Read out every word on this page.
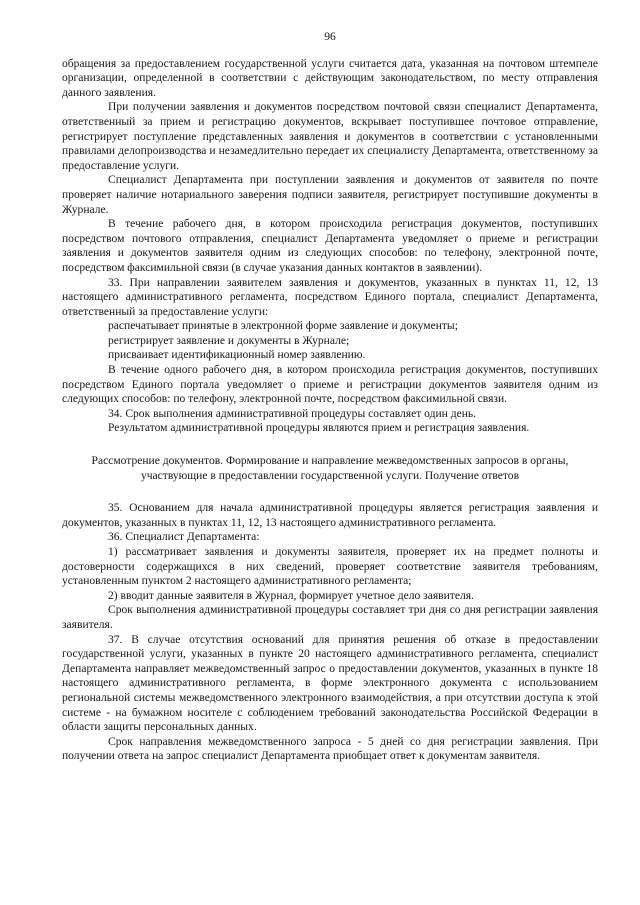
96

обращения за предоставлением государственной услуги считается дата, указанная на почтовом штемпеле организации, определенной в соответствии с действующим законодательством, по месту отправления данного заявления.

При получении заявления и документов посредством почтовой связи специалист Департамента, ответственный за прием и регистрацию документов, вскрывает поступившее почтовое отправление, регистрирует поступление представленных заявления и документов в соответствии с установленными правилами делопроизводства и незамедлительно передает их специалисту Департамента, ответственному за предоставление услуги.

Специалист Департамента при поступлении заявления и документов от заявителя по почте проверяет наличие нотариального заверения подписи заявителя, регистрирует поступившие документы в Журнале.

В течение рабочего дня, в котором происходила регистрация документов, поступивших посредством почтового отправления, специалист Департамента уведомляет о приеме и регистрации заявления и документов заявителя одним из следующих способов: по телефону, электронной почте, посредством факсимильной связи (в случае указания данных контактов в заявлении).

33. При направлении заявителем заявления и документов, указанных в пунктах 11, 12, 13 настоящего административного регламента, посредством Единого портала, специалист Департамента, ответственный за предоставление услуги:

распечатывает принятые в электронной форме заявление и документы;

регистрирует заявление и документы в Журнале;

присваивает идентификационный номер заявлению.

В течение одного рабочего дня, в котором происходила регистрация документов, поступивших посредством Единого портала уведомляет о приеме и регистрации документов заявителя одним из следующих способов: по телефону, электронной почте, посредством факсимильной связи.

34. Срок выполнения административной процедуры составляет один день.

Результатом административной процедуры являются прием и регистрация заявления.

Рассмотрение документов. Формирование и направление межведомственных запросов в органы, участвующие в предоставлении государственной услуги. Получение ответов

35. Основанием для начала административной процедуры является регистрация заявления и документов, указанных в пунктах 11, 12, 13 настоящего административного регламента.

36. Специалист Департамента:

1) рассматривает заявления и документы заявителя, проверяет их на предмет полноты и достоверности содержащихся в них сведений, проверяет соответствие заявителя требованиям, установленным пунктом 2 настоящего административного регламента;

2) вводит данные заявителя в Журнал, формирует учетное дело заявителя.

Срок выполнения административной процедуры составляет три дня со дня регистрации заявления заявителя.

37. В случае отсутствия оснований для принятия решения об отказе в предоставлении государственной услуги, указанных в пункте 20 настоящего административного регламента, специалист Департамента направляет межведомственный запрос о предоставлении документов, указанных в пункте 18 настоящего административного регламента, в форме электронного документа с использованием региональной системы межведомственного электронного взаимодействия, а при отсутствии доступа к этой системе - на бумажном носителе с соблюдением требований законодательства Российской Федерации в области защиты персональных данных.

Срок направления межведомственного запроса - 5 дней со дня регистрации заявления. При получении ответа на запрос специалист Департамента приобщает ответ к документам заявителя.
